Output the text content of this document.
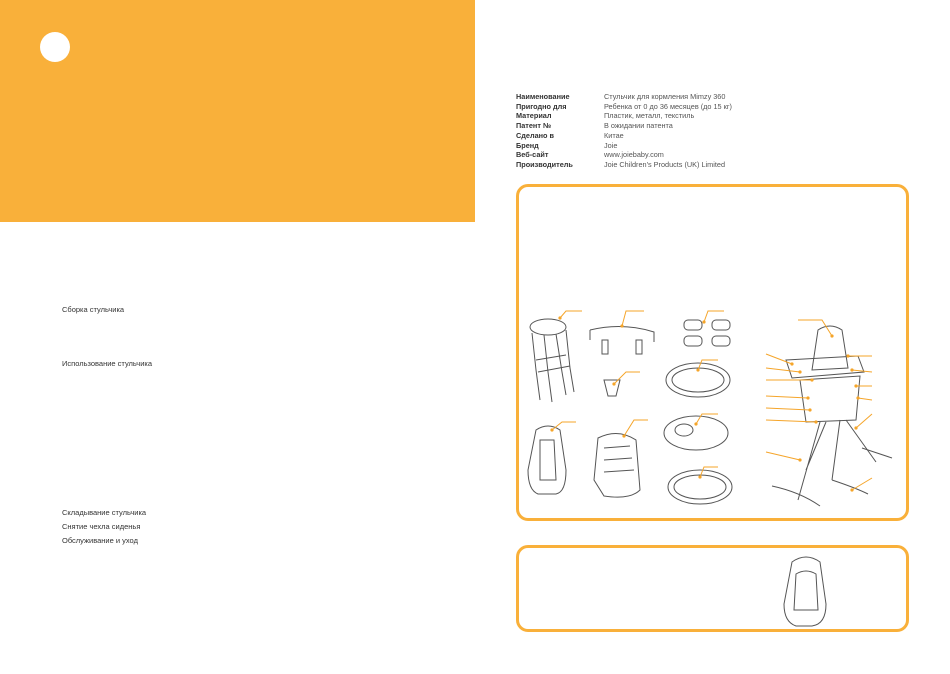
Сборка стульчика
Использование стульчика
Складывание стульчика
Снятие чехла сиденья
Обслуживание и уход
Наименование	Стульчик для кормления Mimzy 360
Пригодно для	Ребенка от 0 до 36 месяцев (до 15 кг)
Материал	Пластик, металл, текстиль
Патент №	В ожидании патента
Сделано в	Китае
Бренд	Joie
Веб-сайт	www.joiebaby.com
Производитель	Joie Children's Products (UK) Limited
